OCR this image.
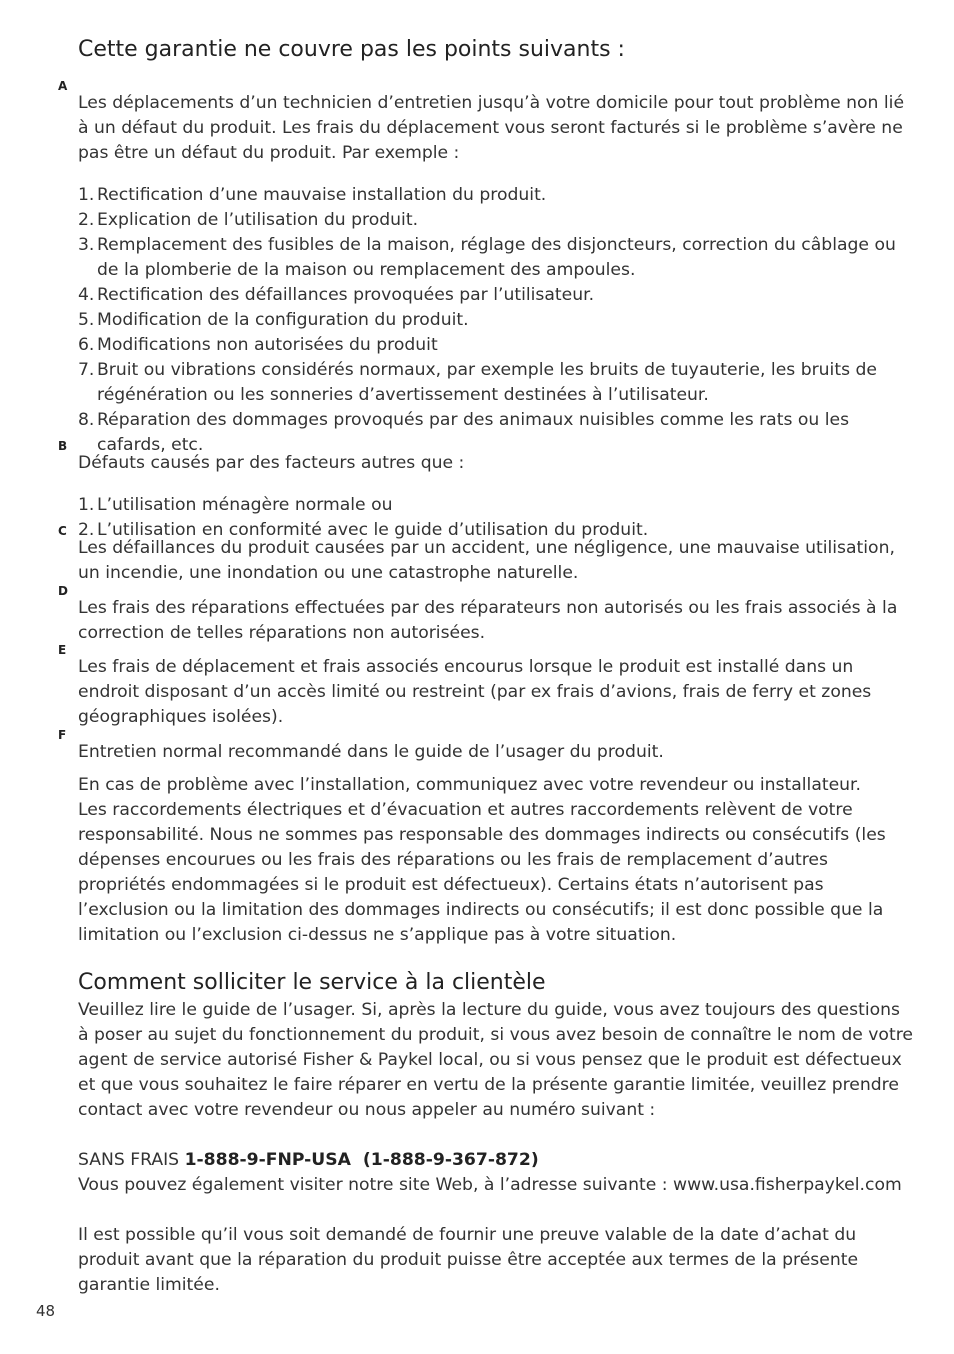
Cette garantie ne couvre pas les points suivants :
A

Les déplacements d’un technicien d’entretien jusqu’à votre domicile pour tout problème non lié à un défaut du produit. Les frais du déplacement vous seront facturés si le problème s’avère ne pas être un défaut du produit. Par exemple :

1. Rectification d’une mauvaise installation du produit.
2. Explication de l’utilisation du produit.
3. Remplacement des fusibles de la maison, réglage des disjoncteurs, correction du câblage ou de la plomberie de la maison ou remplacement des ampoules.
4. Rectification des défaillances provoquées par l’utilisateur.
5. Modification de la configuration du produit.
6. Modifications non autorisées du produit
7. Bruit ou vibrations considérés normaux, par exemple les bruits de tuyauterie, les bruits de régénération ou les sonneries d’avertissement destinées à l’utilisateur.
8. Réparation des dommages provoqués par des animaux nuisibles comme les rats ou les cafards, etc.
B

Défauts causés par des facteurs autres que :

1. L’utilisation ménagère normale ou
2. L’utilisation en conformité avec le guide d’utilisation du produit.
C

Les défaillances du produit causées par un accident, une négligence, une mauvaise utilisation, un incendie, une inondation ou une catastrophe naturelle.

D

Les frais des réparations effectuées par des réparateurs non autorisés ou les frais associés à la correction de telles réparations non autorisées.

E

Les frais de déplacement et frais associés encourus lorsque le produit est installé dans un endroit disposant d’un accès limité ou restreint (par ex frais d’avions, frais de ferry et zones géographiques isolées).

F

Entretien normal recommandé dans le guide de l’usager du produit.

En cas de problème avec l’installation, communiquez avec votre revendeur ou installateur.

Les raccordements électriques et d’évacuation et autres raccordements relèvent de votre responsabilité. Nous ne sommes pas responsable des dommages indirects ou consécutifs (les dépenses encourues ou les frais des réparations ou les frais de remplacement d’autres propriétés endommagées si le produit est défectueux). Certains états n’autorisent pas l’exclusion ou la limitation des dommages indirects ou consécutifs; il est donc possible que la limitation ou l’exclusion ci-dessus ne s’applique pas à votre situation.

Comment solliciter le service à la clientèle

Veuillez lire le guide de l’usager. Si, après la lecture du guide, vous avez toujours des questions à poser au sujet du fonctionnement du produit, si vous avez besoin de connaître le nom de votre agent de service autorisé Fisher & Paykel local, ou si vous pensez que le produit est défectueux et que vous souhaitez le faire réparer en vertu de la présente garantie limitée, veuillez prendre contact avec votre revendeur ou nous appeler au numéro suivant :

SANS FRAIS 1-888-9-FNP-USA  (1-888-9-367-872)

Vous pouvez également visiter notre site Web, à l’adresse suivante : www.usa.fisherpaykel.com

Il est possible qu’il vous soit demandé de fournir une preuve valable de la date d’achat du produit avant que la réparation du produit puisse être acceptée aux termes de la présente garantie limitée.

48
